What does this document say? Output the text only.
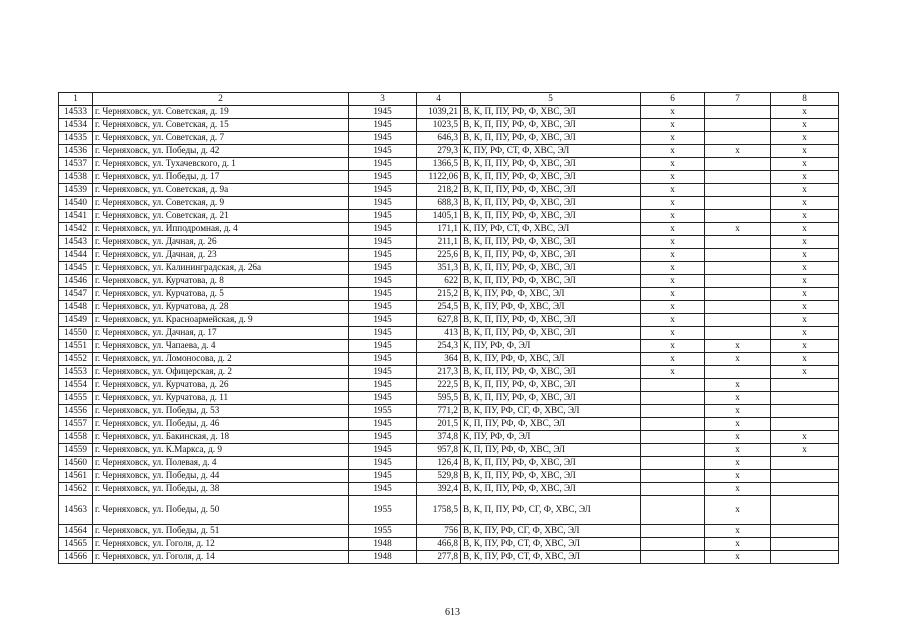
1	2	3	4	5	6	7	8
14533	г. Черняховск, ул. Советская, д. 19	1945	1039,21	В, К, П, ПУ, РФ, Ф, ХВС, ЭЛ	х		х
14534	г. Черняховск, ул. Советская, д. 15	1945	1023,5	В, К, П, ПУ, РФ, Ф, ХВС, ЭЛ	х		х
14535	г. Черняховск, ул. Советская, д. 7	1945	646,3	В, К, П, ПУ, РФ, Ф, ХВС, ЭЛ	х		х
14536	г. Черняховск, ул. Победы, д. 42	1945	279,3	К, ПУ, РФ, СТ, Ф, ХВС, ЭЛ	х	х	х
14537	г. Черняховск, ул. Тухачевского, д. 1	1945	1366,5	В, К, П, ПУ, РФ, Ф, ХВС, ЭЛ	х		х
14538	г. Черняховск, ул. Победы, д. 17	1945	1122,06	В, К, П, ПУ, РФ, Ф, ХВС, ЭЛ	х		х
14539	г. Черняховск, ул. Советская, д. 9а	1945	218,2	В, К, П, ПУ, РФ, Ф, ХВС, ЭЛ	х		х
14540	г. Черняховск, ул. Советская, д. 9	1945	688,3	В, К, П, ПУ, РФ, Ф, ХВС, ЭЛ	х		х
14541	г. Черняховск, ул. Советская, д. 21	1945	1405,1	В, К, П, ПУ, РФ, Ф, ХВС, ЭЛ	х		х
14542	г. Черняховск, ул. Ипподромная, д. 4	1945	171,1	К, ПУ, РФ, СТ, Ф, ХВС, ЭЛ	х	х	х
14543	г. Черняховск, ул. Дачная, д. 26	1945	211,1	В, К, П, ПУ, РФ, Ф, ХВС, ЭЛ	х		х
14544	г. Черняховск, ул. Дачная, д. 23	1945	225,6	В, К, П, ПУ, РФ, Ф, ХВС, ЭЛ	х		х
14545	г. Черняховск, ул. Калининградская, д. 26а	1945	351,3	В, К, П, ПУ, РФ, Ф, ХВС, ЭЛ	х		х
14546	г. Черняховск, ул. Курчатова, д. 8	1945	622	В, К, П, ПУ, РФ, Ф, ХВС, ЭЛ	х		х
14547	г. Черняховск, ул. Курчатова, д. 5	1945	215,2	В, К, ПУ, РФ, Ф, ХВС, ЭЛ	х		х
14548	г. Черняховск, ул. Курчатова, д. 28	1945	254,5	В, К, ПУ, РФ, Ф, ХВС, ЭЛ	х		х
14549	г. Черняховск, ул. Красноармейская, д. 9	1945	627,8	В, К, П, ПУ, РФ, Ф, ХВС, ЭЛ	х		х
14550	г. Черняховск, ул. Дачная, д. 17	1945	413	В, К, П, ПУ, РФ, Ф, ХВС, ЭЛ	х		х
14551	г. Черняховск, ул. Чапаева, д. 4	1945	254,3	К, ПУ, РФ, Ф, ЭЛ	х	х	х
14552	г. Черняховск, ул. Ломоносова, д. 2	1945	364	В, К, ПУ, РФ, Ф, ХВС, ЭЛ	х	х	х
14553	г. Черняховск, ул. Офицерская, д. 2	1945	217,3	В, К, П, ПУ, РФ, Ф, ХВС, ЭЛ	х		х
14554	г. Черняховск, ул. Курчатова, д. 26	1945	222,5	В, К, П, ПУ, РФ, Ф, ХВС, ЭЛ		х	
14555	г. Черняховск, ул. Курчатова, д. 11	1945	595,5	В, К, П, ПУ, РФ, Ф, ХВС, ЭЛ		х	
14556	г. Черняховск, ул. Победы, д. 53	1955	771,2	В, К, ПУ, РФ, СГ, Ф, ХВС, ЭЛ		х	
14557	г. Черняховск, ул. Победы, д. 46	1945	201,5	К, П, ПУ, РФ, Ф, ХВС, ЭЛ		х	
14558	г. Черняховск, ул. Бакинская, д. 18	1945	374,8	К, ПУ, РФ, Ф, ЭЛ		х	х
14559	г. Черняховск, ул. К.Маркса, д. 9	1945	957,8	К, П, ПУ, РФ, Ф, ХВС, ЭЛ		х	х
14560	г. Черняховск, ул. Полевая, д. 4	1945	126,4	В, К, П, ПУ, РФ, Ф, ХВС, ЭЛ		х	
14561	г. Черняховск, ул. Победы, д. 44	1945	529,8	В, К, П, ПУ, РФ, Ф, ХВС, ЭЛ		х	
14562	г. Черняховск, ул. Победы, д. 38	1945	392,4	В, К, П, ПУ, РФ, Ф, ХВС, ЭЛ		х	
14563	г. Черняховск, ул. Победы, д. 50	1955	1758,5	В, К, П, ПУ, РФ, СГ, Ф, ХВС, ЭЛ		х	
14564	г. Черняховск, ул. Победы, д. 51	1955	756	В, К, ПУ, РФ, СГ, Ф, ХВС, ЭЛ		х	
14565	г. Черняховск, ул. Гоголя, д. 12	1948	466,8	В, К, ПУ, РФ, СТ, Ф, ХВС, ЭЛ		х	
14566	г. Черняховск, ул. Гоголя, д. 14	1948	277,8	В, К, ПУ, РФ, СТ, Ф, ХВС, ЭЛ		х	
613
